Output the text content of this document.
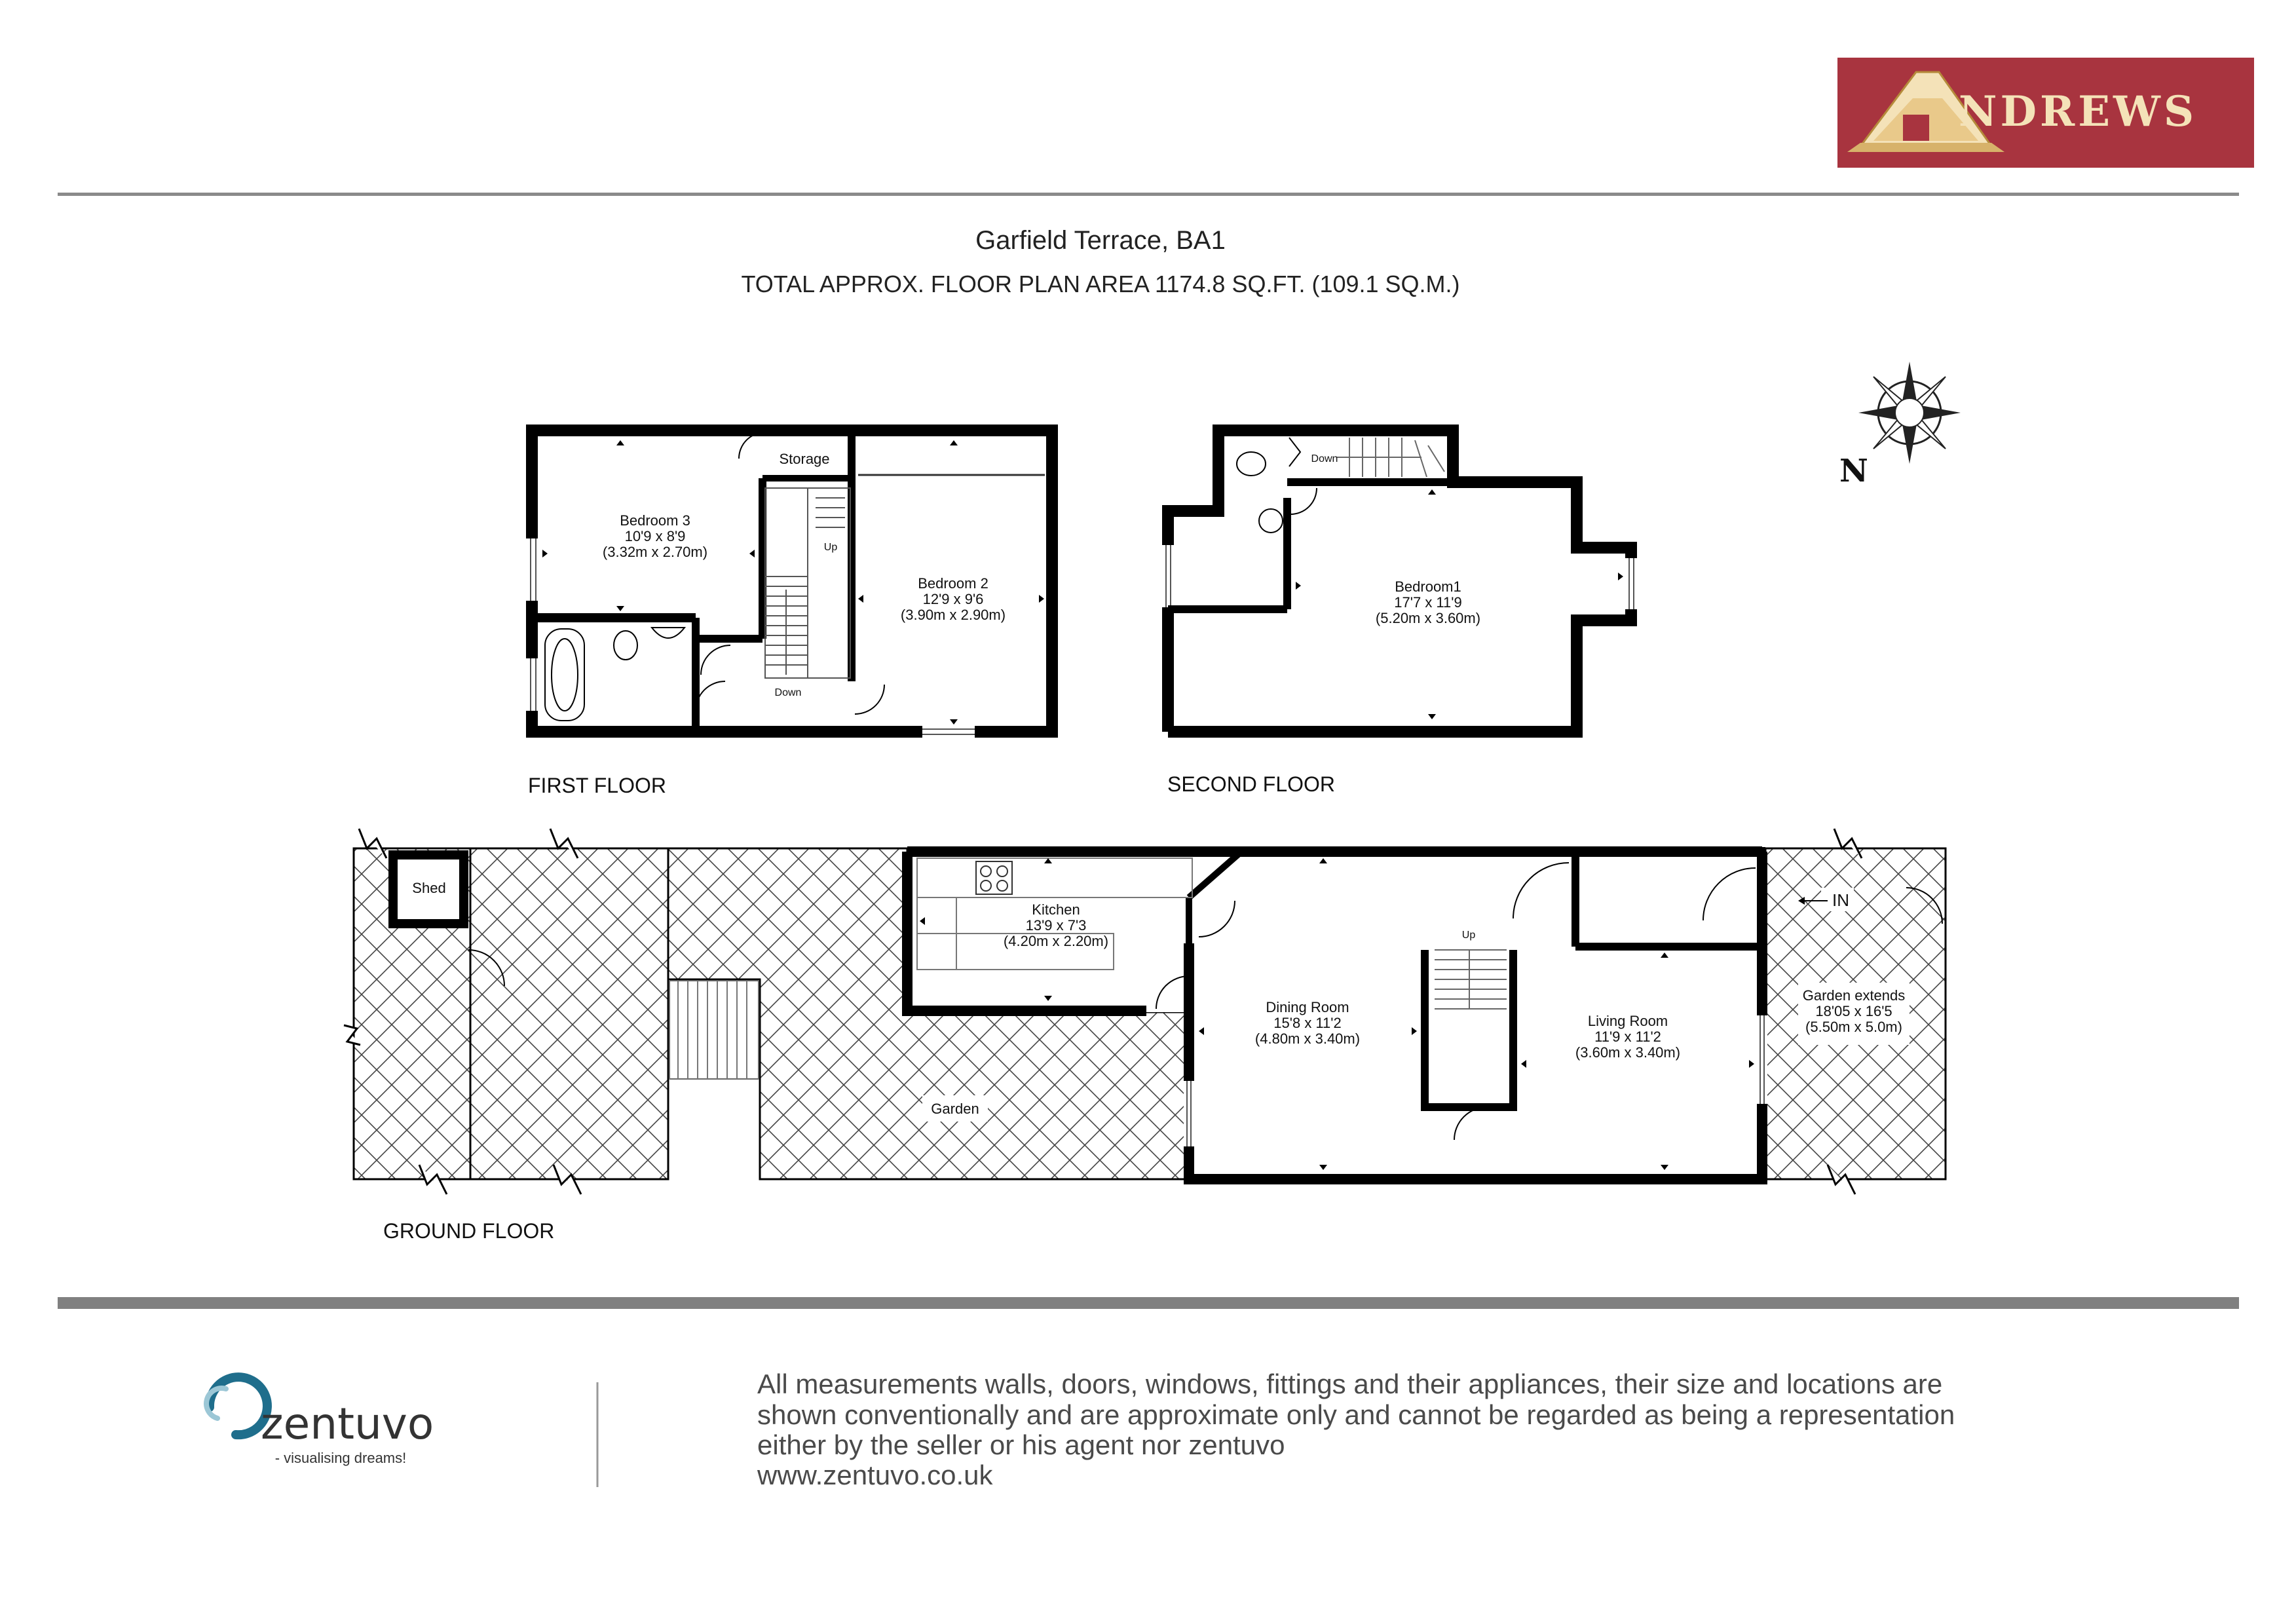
NDREWS
Garfield Terrace, BA1
TOTAL APPROX. FLOOR PLAN AREA 1174.8 SQ.FT. (109.1 SQ.M.)
N
Storage
Bedroom 3
10'9 x 8'9
(3.32m x 2.70m)
Bedroom 2
12'9 x 9'6
(3.90m x 2.90m)
Up
Down
FIRST FLOOR
Bedroom1
17'7 x 11'9
(5.20m x 3.60m)
Down
SECOND FLOOR
Shed
Kitchen
13'9 x 7'3
(4.20m x 2.20m)
Dining Room
15'8 x 11'2
(4.80m x 3.40m)
Living Room
11'9 x 11'2
(3.60m x 3.40m)
Garden extends
18'05 x 16'5
(5.50m x 5.0m)
Garden
Up
IN
GROUND FLOOR
zentuvo
- visualising dreams!
All measurements walls, doors, windows, fittings and their appliances, their size and locations are
shown conventionally and are approximate only and cannot be regarded as being a representation
either by the seller or his agent nor zentuvo
www.zentuvo.co.uk
